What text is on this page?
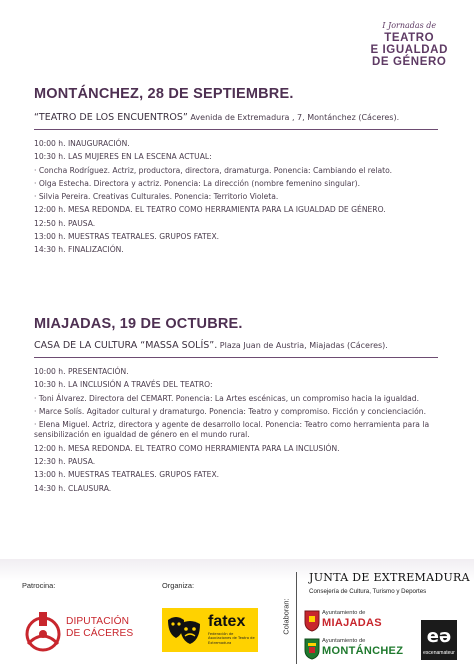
I Jornadas de
TEATRO
E IGUALDAD
DE GÉNERO
MONTÁNCHEZ, 28 DE SEPTIEMBRE.
“TEATRO DE LOS ENCUENTROS” Avenida de Extremadura , 7, Montánchez (Cáceres).
10:00 h. INAUGURACIÓN.
10:30 h. LAS MUJERES EN LA ESCENA ACTUAL:
· Concha Rodríguez. Actriz, productora, directora, dramaturga. Ponencia: Cambiando el relato.
· Olga Estecha. Directora y actriz. Ponencia: La dirección (nombre femenino singular).
· Silvia Pereira. Creativas Culturales. Ponencia: Territorio Violeta.
12:00 h. MESA REDONDA. EL TEATRO COMO HERRAMIENTA PARA LA IGUALDAD DE GÉNERO.
12:50 h. PAUSA.
13:00 h. MUESTRAS TEATRALES. GRUPOS FATEX.
14:30 h. FINALIZACIÓN.
MIAJADAS, 19 DE OCTUBRE.
CASA DE LA CULTURA “MASSA SOLÍS”. Plaza Juan de Austria, Miajadas (Cáceres).
10:00 h. PRESENTACIÓN.
10:30 h. LA INCLUSIÓN A TRAVÉS DEL TEATRO:
· Toni Álvarez. Directora del CEMART. Ponencia: La Artes escénicas, un compromiso hacia la igualdad.
· Marce Solís. Agitador cultural y dramaturgo. Ponencia: Teatro y compromiso. Ficción y concienciación.
· Elena Miguel. Actriz, directora y agente de desarrollo local. Ponencia: Teatro como herramienta para la sensibilización en igualdad de género en el mundo rural.
12:00 h. MESA REDONDA. EL TEATRO COMO HERRAMIENTA PARA LA INCLUSIÓN.
12:30 h. PAUSA.
13:00 h. MUESTRAS TEATRALES. GRUPOS FATEX.
14:30 h. CLAUSURA.
Patrocina:	Organiza:
Colaboran:
DIPUTACIÓN
DE CÁCERES
fatex
Federación de Asociaciones de Teatro de Extremadura
JUNTA DE EXTREMADURA
Consejería de Cultura, Turismo y Deportes
Ayuntamiento de
MIAJADAS
Ayuntamiento de
MONTÁNCHEZ
eə
escenamateur
